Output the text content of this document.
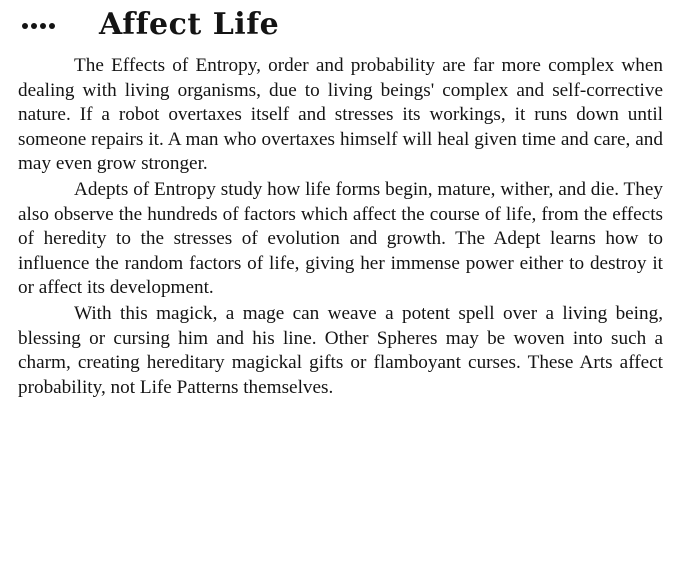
Affect Life

The Effects of Entropy, order and probability are far more complex when dealing with living organisms, due to living beings' complex and self-corrective nature. If a robot overtaxes itself and stresses its workings, it runs down until someone repairs it. A man who overtaxes himself will heal given time and care, and may even grow stronger.

Adepts of Entropy study how life forms begin, mature, wither, and die. They also observe the hundreds of factors which affect the course of life, from the effects of heredity to the stresses of evolution and growth. The Adept learns how to influence the random factors of life, giving her immense power either to destroy it or affect its development.

With this magick, a mage can weave a potent spell over a living being, blessing or cursing him and his line. Other Spheres may be woven into such a charm, creating hereditary magickal gifts or flamboyant curses. These Arts affect probability, not Life Patterns themselves.
